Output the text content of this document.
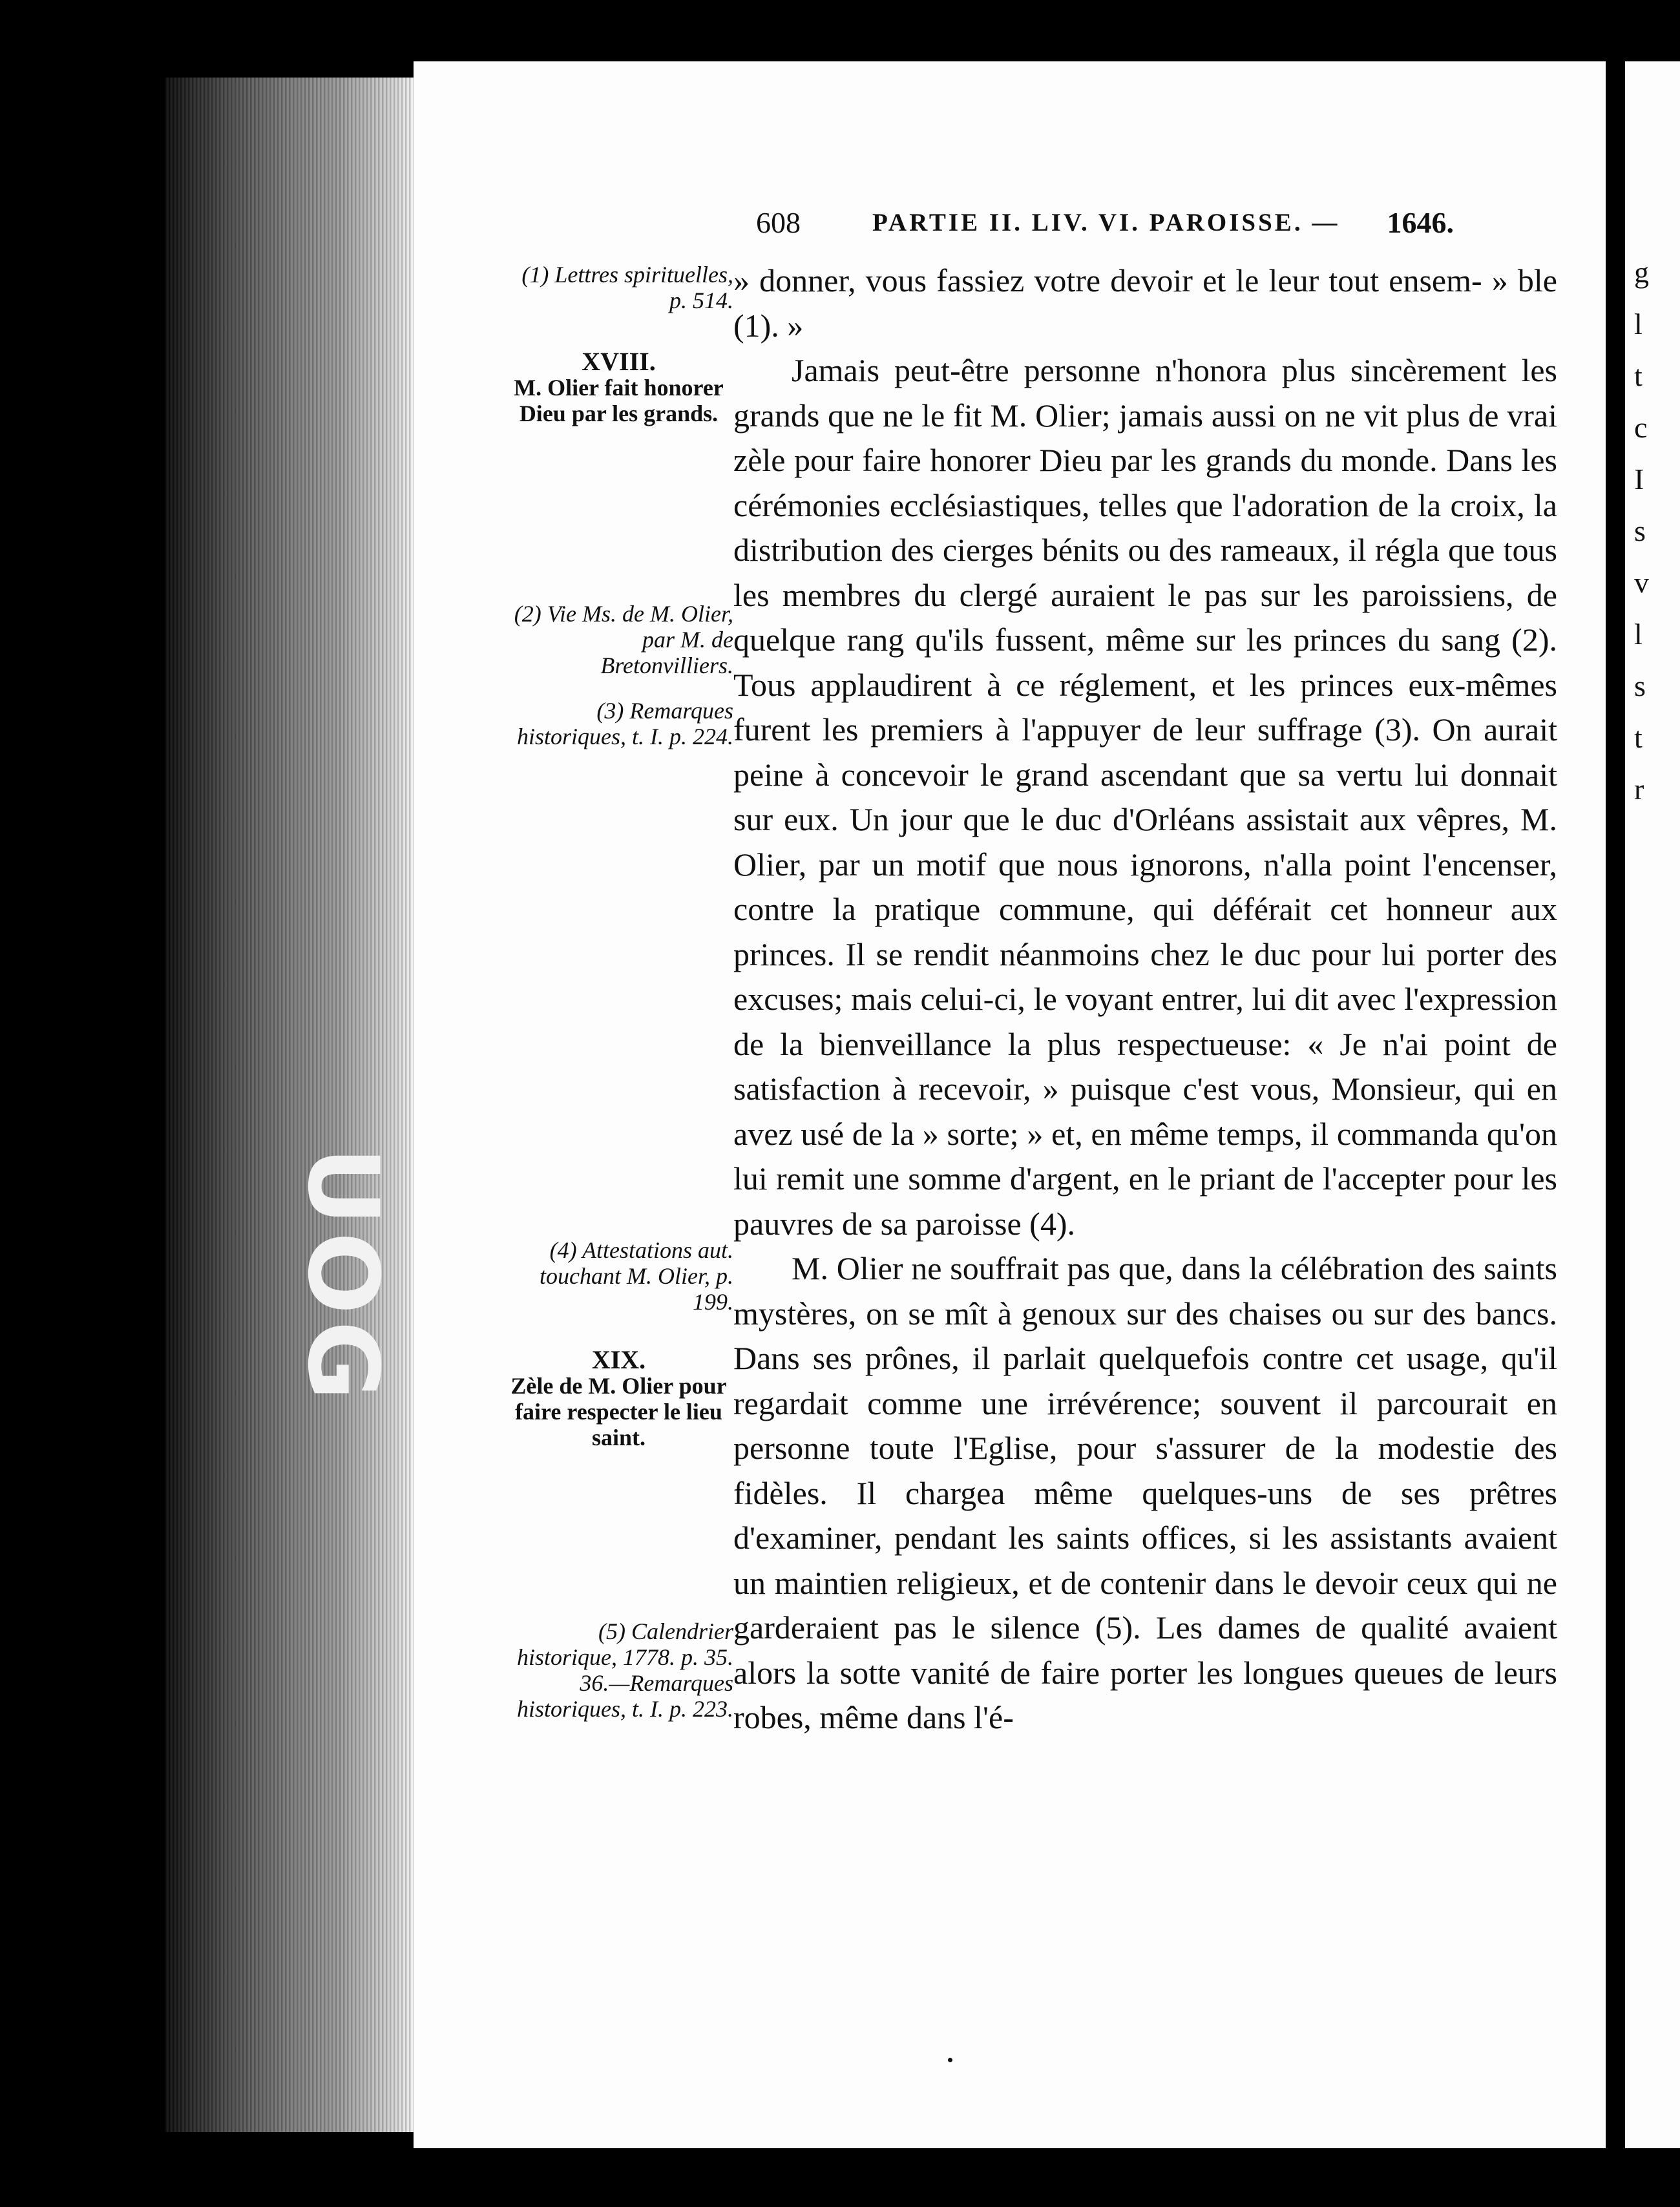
g
l
t
c
I
s
v
l
s
t
r
608	PARTIE II. LIV. VI. PAROISSE. — 1646.
(1) Lettres spirituelles, p. 514.
XVIII.
M. Olier fait honorer Dieu par les grands.
(2) Vie Ms. de M. Olier, par M. de Bretonvilliers.
(3) Remarques historiques, t. I. p. 224.
(4) Attestations aut. touchant M. Olier, p. 199.
XIX.
Zèle de M. Olier pour faire respecter le lieu saint.
(5) Calendrier historique, 1778. p. 35. 36.—Remarques historiques, t. I. p. 223.

» donner, vous fassiez votre devoir et le leur tout ensem- » ble (1). »

Jamais peut-être personne n'honora plus sincèrement les grands que ne le fit M. Olier; jamais aussi on ne vit plus de vrai zèle pour faire honorer Dieu par les grands du monde. Dans les cérémonies ecclésiastiques, telles que l'adoration de la croix, la distribution des cierges bénits ou des rameaux, il régla que tous les membres du clergé auraient le pas sur les paroissiens, de quelque rang qu'ils fussent, même sur les princes du sang (2). Tous applaudirent à ce réglement, et les princes eux-mêmes furent les premiers à l'appuyer de leur suffrage (3). On aurait peine à concevoir le grand ascendant que sa vertu lui donnait sur eux. Un jour que le duc d'Orléans assistait aux vêpres, M. Olier, par un motif que nous ignorons, n'alla point l'encenser, contre la pratique commune, qui déférait cet honneur aux princes. Il se rendit néanmoins chez le duc pour lui porter des excuses; mais celui-ci, le voyant entrer, lui dit avec l'expression de la bienveillance la plus respectueuse: « Je n'ai point de satisfaction à recevoir, » puisque c'est vous, Monsieur, qui en avez usé de la » sorte; » et, en même temps, il commanda qu'on lui remit une somme d'argent, en le priant de l'accepter pour les pauvres de sa paroisse (4).

M. Olier ne souffrait pas que, dans la célébration des saints mystères, on se mît à genoux sur des chaises ou sur des bancs. Dans ses prônes, il parlait quelquefois contre cet usage, qu'il regardait comme une irrévérence; souvent il parcourait en personne toute l'Eglise, pour s'assurer de la modestie des fidèles. Il chargea même quelques-uns de ses prêtres d'examiner, pendant les saints offices, si les assistants avaient un maintien religieux, et de contenir dans le devoir ceux qui ne garderaient pas le silence (5). Les dames de qualité avaient alors la sotte vanité de faire porter les longues queues de leurs robes, même dans l'é-
